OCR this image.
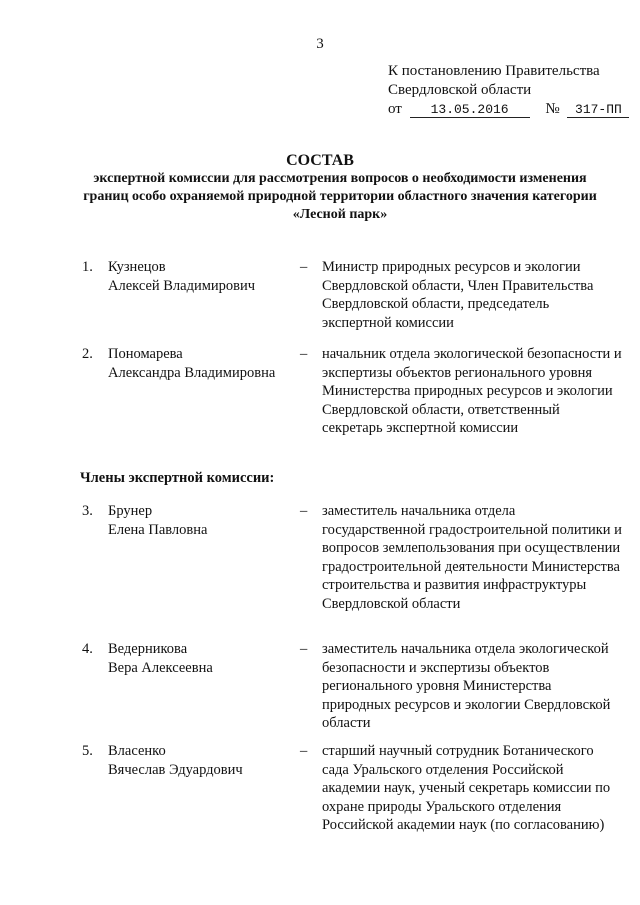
3
К постановлению Правительства
Свердловской области
от 13.05.2016 № 317-ПП
СОСТАВ
экспертной комиссии для рассмотрения вопросов о необходимости изменения границ особо охраняемой природной территории областного значения категории «Лесной парк»
1. Кузнецов
Алексей Владимирович
– Министр природных ресурсов и экологии Свердловской области, Член Правительства Свердловской области, председатель экспертной комиссии
2. Пономарева
Александра Владимировна
– начальник отдела экологической безопасности и экспертизы объектов регионального уровня Министерства природных ресурсов и экологии Свердловской области, ответственный секретарь экспертной комиссии
Члены экспертной комиссии:
3. Брунер
Елена Павловна
– заместитель начальника отдела государственной градостроительной политики и вопросов землепользования при осуществлении градостроительной деятельности Министерства строительства и развития инфраструктуры Свердловской области
4. Ведерникова
Вера Алексеевна
– заместитель начальника отдела экологической безопасности и экспертизы объектов регионального уровня Министерства природных ресурсов и экологии Свердловской области
5. Власенко
Вячеслав Эдуардович
– старший научный сотрудник Ботанического сада Уральского отделения Российской академии наук, ученый секретарь комиссии по охране природы Уральского отделения Российской академии наук (по согласованию)
